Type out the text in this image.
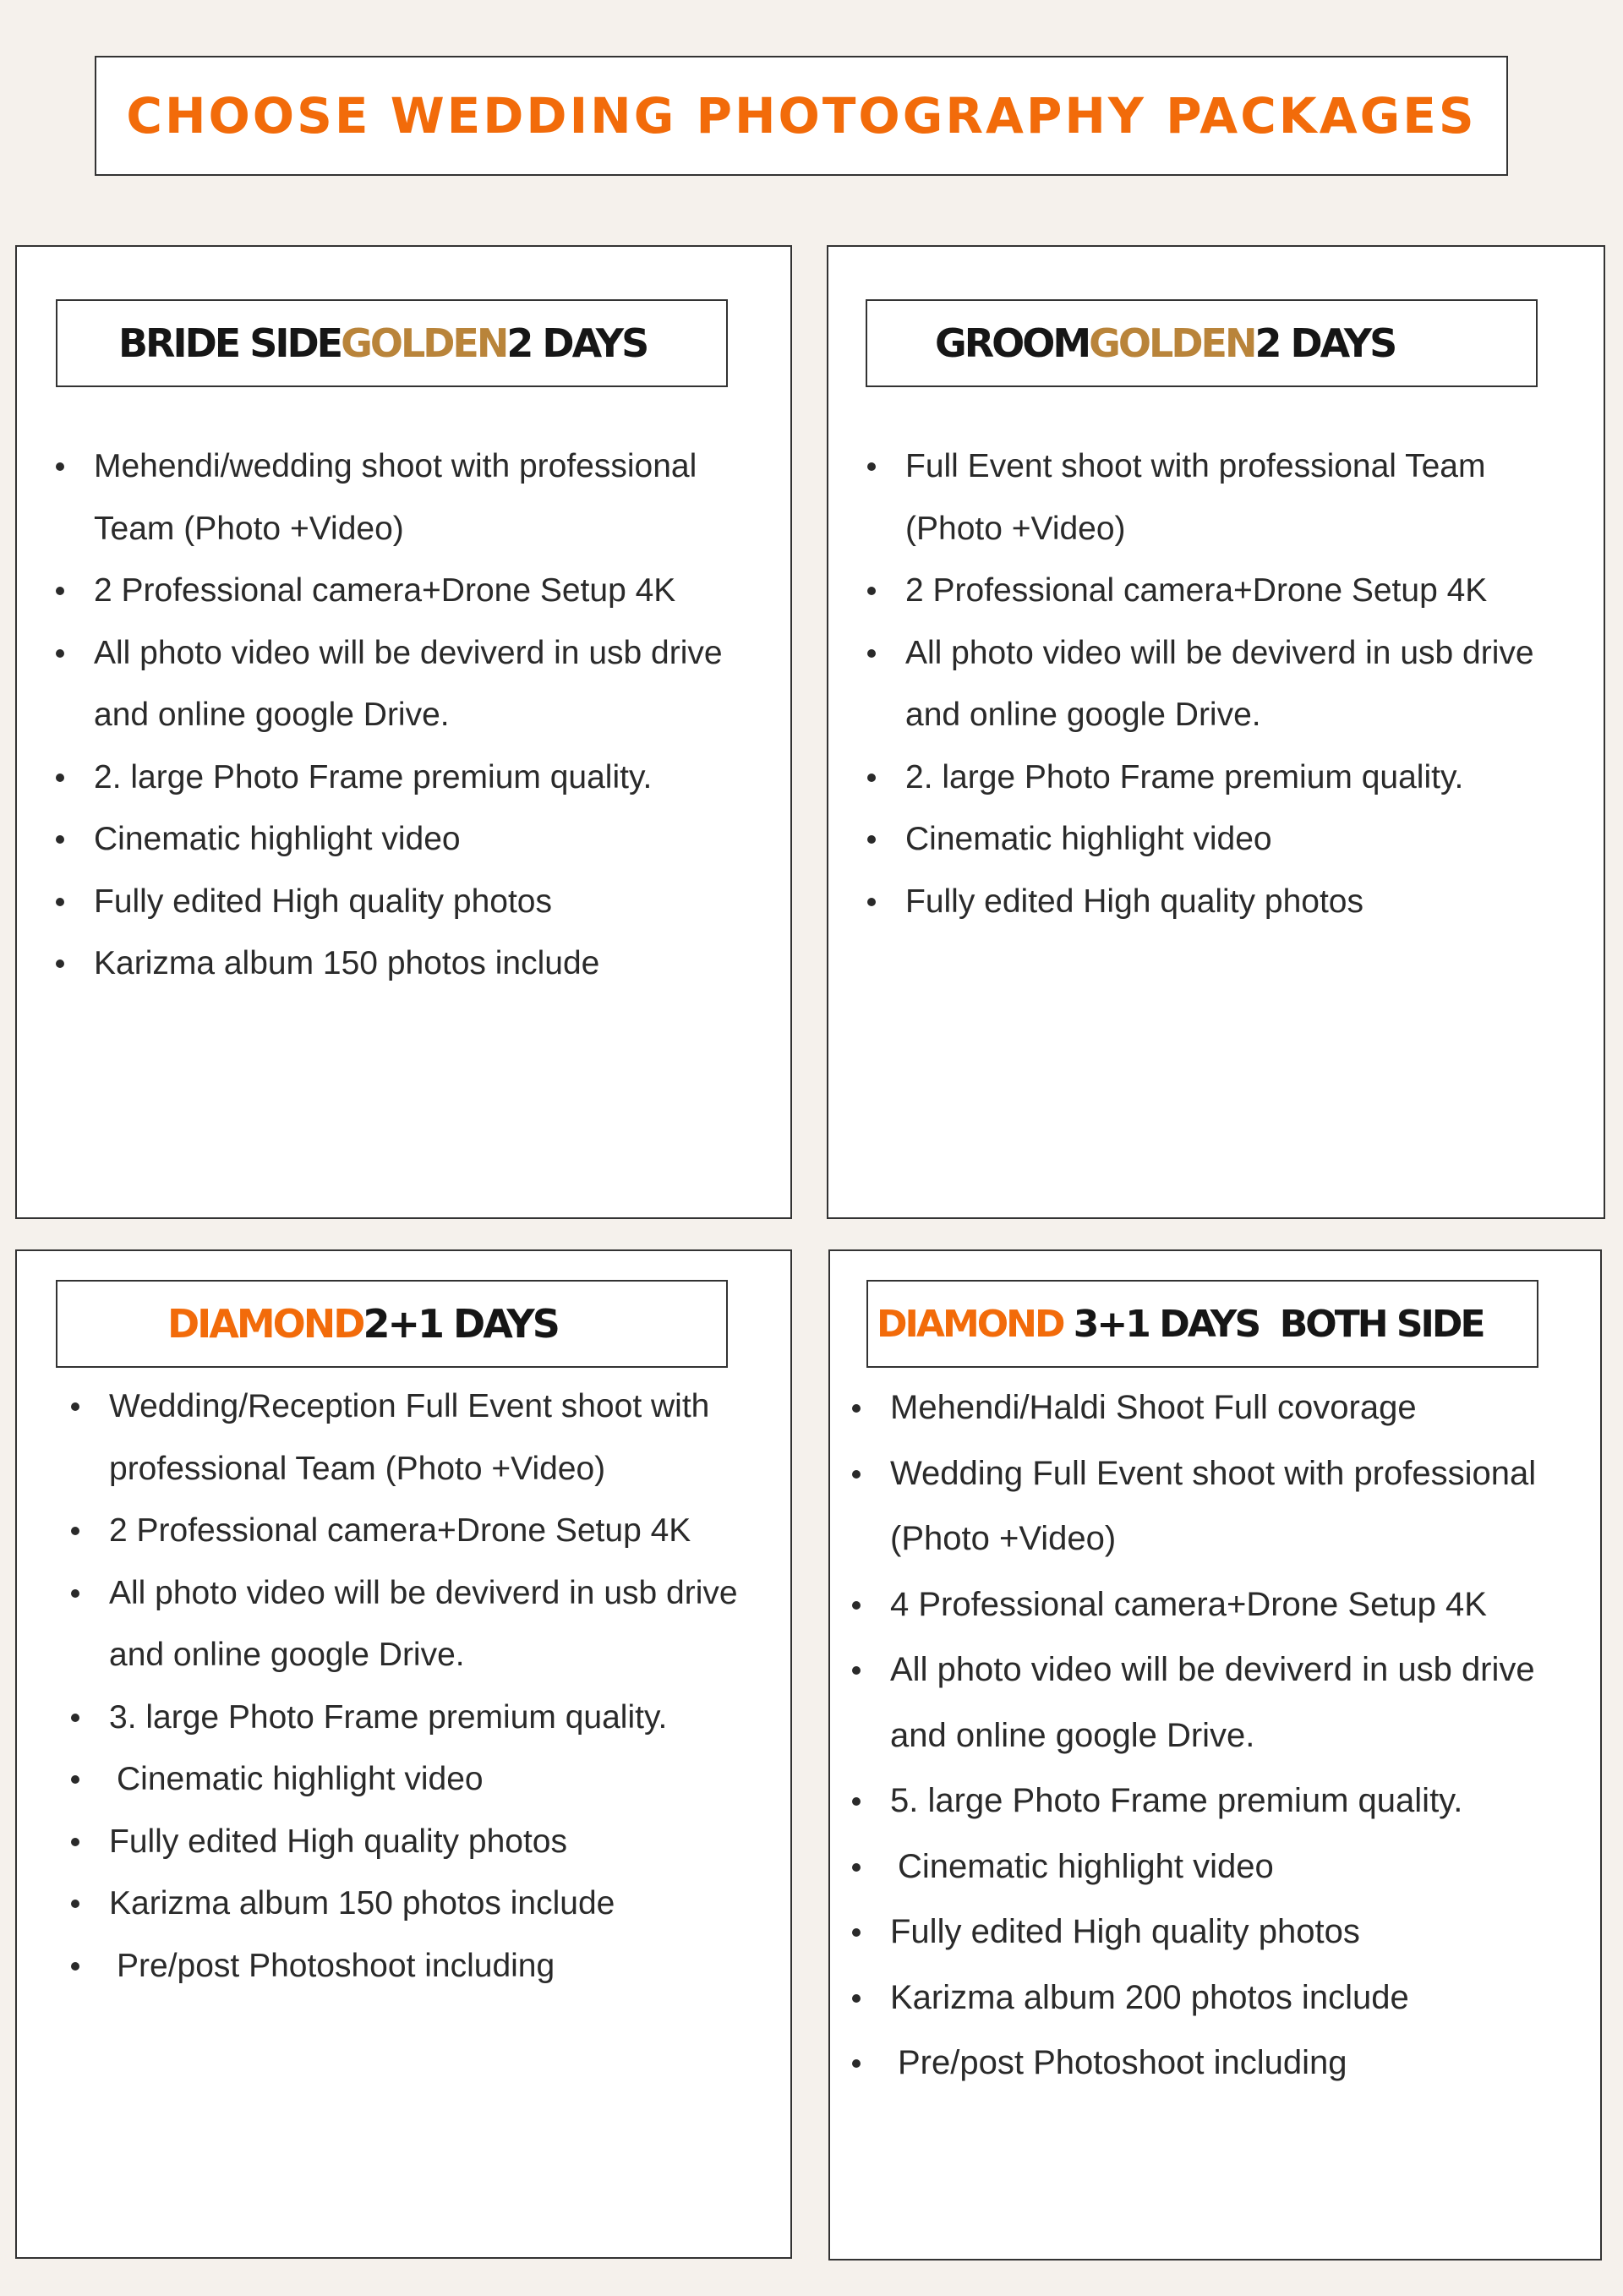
CHOOSE WEDDING PHOTOGRAPHY PACKAGES
BRIDE SIDE GOLDEN 2 DAYS
Mehendi/wedding shoot with professional Team (Photo +Video)
2 Professional camera+Drone Setup 4K
All photo video will be deviverd in usb drive and online google Drive.
2. large Photo Frame premium quality.
Cinematic highlight video
Fully edited High quality photos
Karizma album 150 photos include
GROOM GOLDEN 2 DAYS
Full Event shoot with professional Team (Photo +Video)
2 Professional camera+Drone Setup 4K
All photo video will be deviverd in usb drive and online google Drive.
2. large Photo Frame premium quality.
Cinematic highlight video
Fully edited High quality photos
DIAMOND 2+1 DAYS
Wedding/Reception Full Event shoot with professional Team (Photo +Video)
2 Professional camera+Drone Setup 4K
All photo video will be deviverd in usb drive and online google Drive.
3. large Photo Frame premium quality.
Cinematic highlight video
Fully edited High quality photos
Karizma album 150 photos include
Pre/post Photoshoot including
DIAMOND 3+1 DAYS  BOTH SIDE
Mehendi/Haldi Shoot Full covorage
Wedding Full Event shoot with professional (Photo +Video)
4 Professional camera+Drone Setup 4K
All photo video will be deviverd in usb drive and online google Drive.
5. large Photo Frame premium quality.
Cinematic highlight video
Fully edited High quality photos
Karizma album 200 photos include
Pre/post Photoshoot including
